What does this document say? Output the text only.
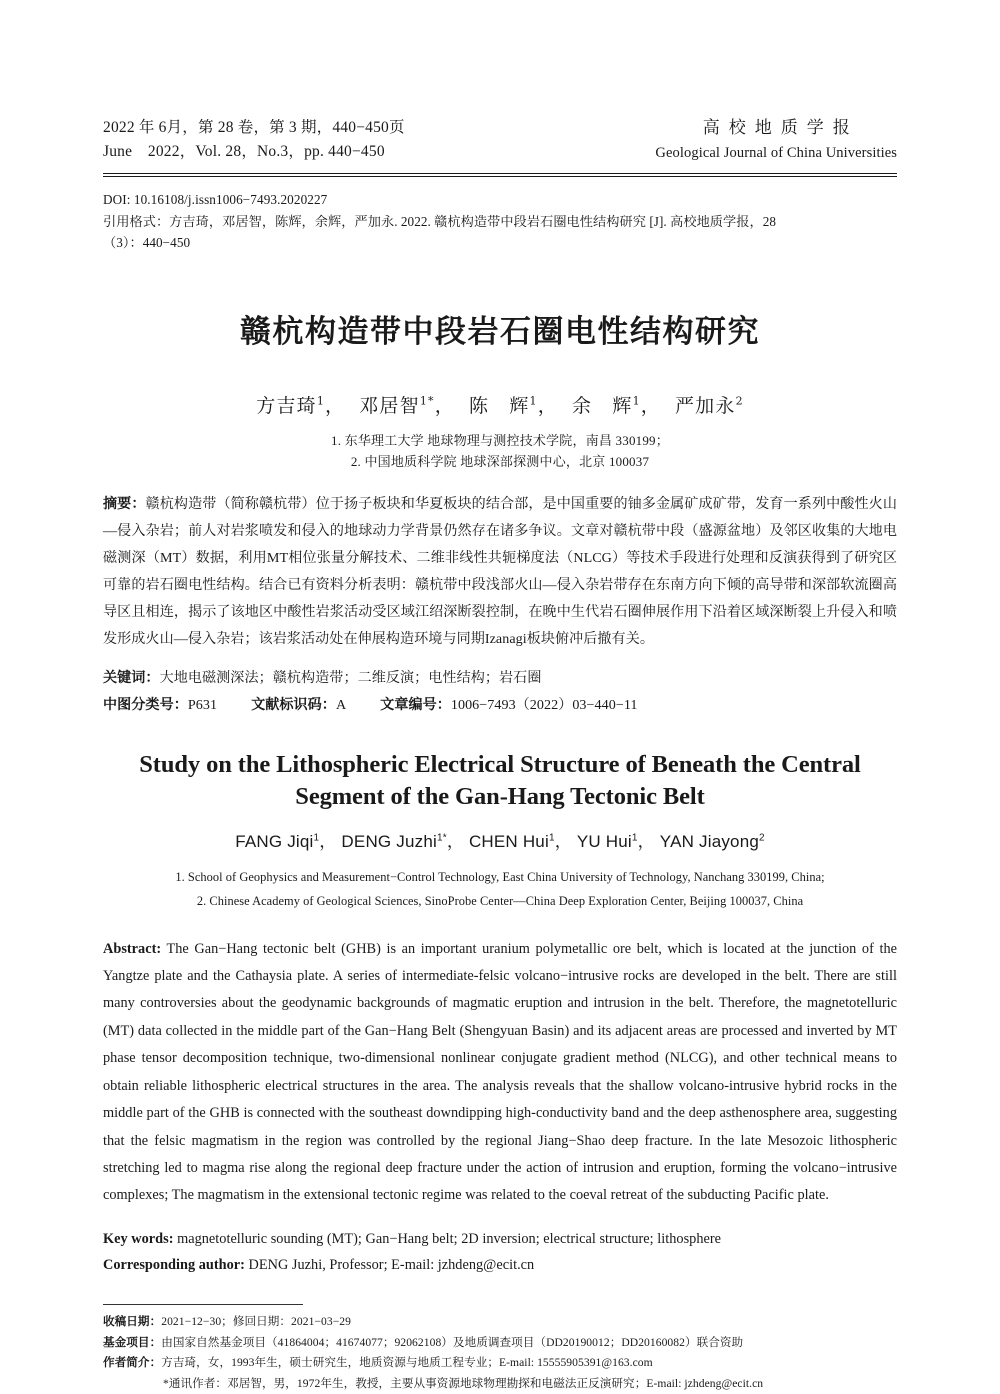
2022 年 6月，第 28 卷，第 3 期，440−450页
June　2022，Vol. 28，No.3，pp. 440−450
高校地质学报
Geological Journal of China Universities
DOI: 10.16108/j.issn1006−7493.2020227
引用格式：方吉琦，邓居智，陈辉，余辉，严加永. 2022. 赣杭构造带中段岩石圈电性结构研究 [J]. 高校地质学报，28
（3）：440−450
赣杭构造带中段岩石圈电性结构研究
方吉琦$^1$， 邓居智$^{1*}$， 陈　辉$^1$， 余　辉$^1$， 严加永$^2$
1. 东华理工大学 地球物理与测控技术学院，南昌 330199；
2. 中国地质科学院 地球深部探测中心，北京 100037
摘要：赣杭构造带（简称赣杭带）位于扬子板块和华夏板块的结合部，是中国重要的铀多金属矿成矿带，发育一系列中酸性火山—侵入杂岩；前人对岩浆喷发和侵入的地球动力学背景仍然存在诸多争议。文章对赣杭带中段（盛源盆地）及邻区收集的大地电磁测深（MT）数据，利用MT相位张量分解技术、二维非线性共轭梯度法（NLCG）等技术手段进行处理和反演获得到了研究区可靠的岩石圈电性结构。结合已有资料分析表明：赣杭带中段浅部火山—侵入杂岩带存在东南方向下倾的高导带和深部软流圈高导区且相连，揭示了该地区中酸性岩浆活动受区域江绍深断裂控制，在晚中生代岩石圈伸展作用下沿着区域深断裂上升侵入和喷发形成火山—侵入杂岩；该岩浆活动处在伸展构造环境与同期Izanagi板块俯冲后撤有关。
关键词：大地电磁测深法；赣杭构造带；二维反演；电性结构；岩石圈
中图分类号：P631 文献标识码：A 文章编号：1006−7493（2022）03−440−11
Study on the Lithospheric Electrical Structure of Beneath the Central
Segment of the Gan-Hang Tectonic Belt
FANG Jiqi$^1$， DENG Juzhi$^{1*}$， CHEN Hui$^1$， YU Hui$^1$， YAN Jiayong$^2$
1. School of Geophysics and Measurement−Control Technology, East China University of Technology, Nanchang 330199, China;
2. Chinese Academy of Geological Sciences, SinoProbe Center—China Deep Exploration Center, Beijing 100037, China
Abstract: The Gan−Hang tectonic belt (GHB) is an important uranium polymetallic ore belt, which is located at the junction of the Yangtze plate and the Cathaysia plate. A series of intermediate-felsic volcano−intrusive rocks are developed in the belt. There are still many controversies about the geodynamic backgrounds of magmatic eruption and intrusion in the belt. Therefore, the magnetotelluric (MT) data collected in the middle part of the Gan−Hang Belt (Shengyuan Basin) and its adjacent areas are processed and inverted by MT phase tensor decomposition technique, two-dimensional nonlinear conjugate gradient method (NLCG), and other technical means to obtain reliable lithospheric electrical structures in the area. The analysis reveals that the shallow volcano-intrusive hybrid rocks in the middle part of the GHB is connected with the southeast downdipping high-conductivity band and the deep asthenosphere area, suggesting that the felsic magmatism in the region was controlled by the regional Jiang−Shao deep fracture. In the late Mesozoic lithospheric stretching led to magma rise along the regional deep fracture under the action of intrusion and eruption, forming the volcano−intrusive complexes; The magmatism in the extensional tectonic regime was related to the coeval retreat of the subducting Pacific plate.
Key words: magnetotelluric sounding (MT); Gan−Hang belt; 2D inversion; electrical structure; lithosphere
Corresponding author: DENG Juzhi, Professor; E-mail: jzhdeng@ecit.cn
收稿日期：2021−12−30；修回日期：2021−03−29
基金项目：由国家自然基金项目（41864004；41674077；92062108）及地质调查项目（DD20190012；DD20160082）联合资助
作者简介：方吉琦，女，1993年生，硕士研究生，地质资源与地质工程专业；E-mail: 15555905391@163.com
*通讯作者：邓居智，男，1972年生，教授，主要从事资源地球物理勘探和电磁法正反演研究；E-mail: jzhdeng@ecit.cn
